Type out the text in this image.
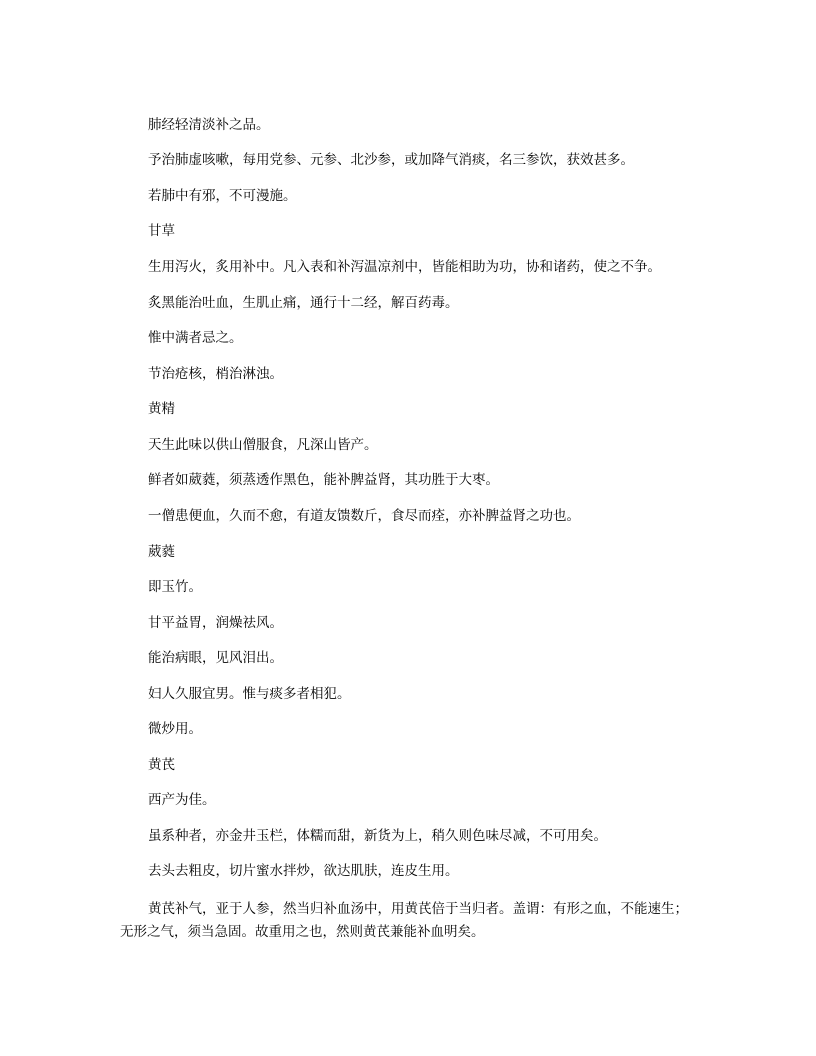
肺经轻清淡补之品。

予治肺虚咳嗽，每用党参、元参、北沙参，或加降气消痰，名三参饮，获效甚多。

若肺中有邪，不可漫施。

甘草

生用泻火，炙用补中。凡入表和补泻温凉剂中，皆能相助为功，协和诸药，使之不争。

炙黑能治吐血，生肌止痛，通行十二经，解百药毒。

惟中满者忌之。

节治疮核，梢治淋浊。

黄精

天生此味以供山僧服食，凡深山皆产。

鲜者如葳蕤，须蒸透作黑色，能补脾益肾，其功胜于大枣。

一僧患便血，久而不愈，有道友馈数斤，食尽而痊，亦补脾益肾之功也。

葳蕤

即玉竹。

甘平益胃，润燥祛风。

能治病眼，见风泪出。

妇人久服宜男。惟与痰多者相犯。

微炒用。

黄芪

西产为佳。

虽系种者，亦金井玉栏，体糯而甜，新货为上，稍久则色味尽减，不可用矣。

去头去粗皮，切片蜜水拌炒，欲达肌肤，连皮生用。

黄芪补气，亚于人参，然当归补血汤中，用黄芪倍于当归者。盖谓：有形之血，不能速生；无形之气，须当急固。故重用之也，然则黄芪兼能补血明矣。
